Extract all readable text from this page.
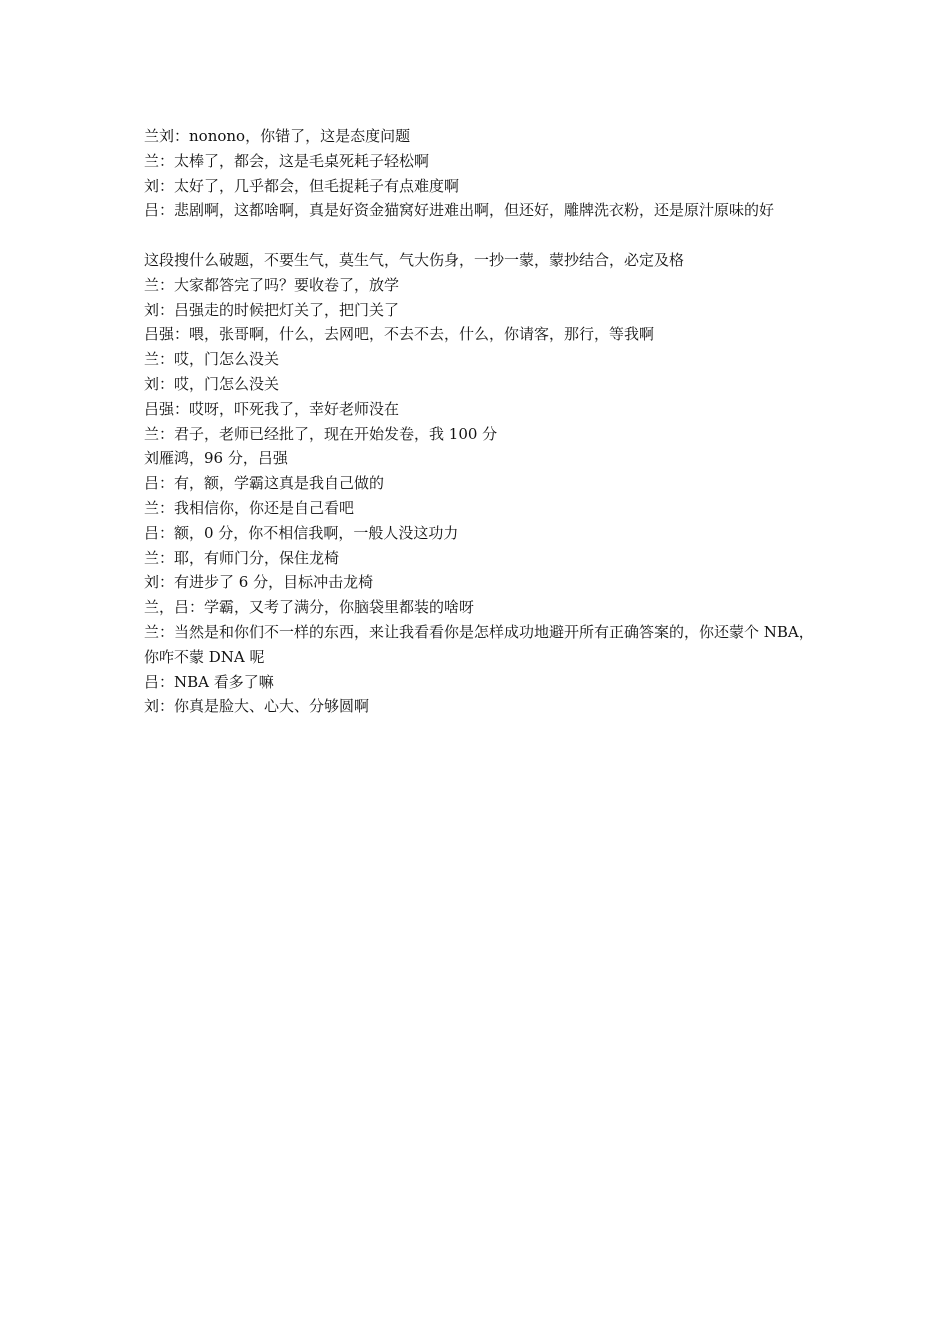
兰刘：nonono，你错了，这是态度问题

兰：太棒了，都会，这是毛桌死耗子轻松啊

刘：太好了，几乎都会，但毛捉耗子有点难度啊

吕：悲剧啊，这都啥啊，真是好资金猫窝好进难出啊，但还好，雕牌洗衣粉，还是原汁原味的好

这段搜什么破题，不要生气，莫生气，气大伤身，一抄一蒙，蒙抄结合，必定及格

兰：大家都答完了吗？要收卷了，放学

刘：吕强走的时候把灯关了，把门关了

吕强：喂，张哥啊，什么，去网吧，不去不去，什么，你请客，那行，等我啊

兰：哎，门怎么没关

刘：哎，门怎么没关

吕强：哎呀，吓死我了，幸好老师没在

兰：君子，老师已经批了，现在开始发卷，我 100 分

刘雁鸿，96 分，吕强

吕：有，额，学霸这真是我自己做的

兰：我相信你，你还是自己看吧

吕：额，0 分，你不相信我啊，一般人没这功力

兰：耶，有师门分，保住龙椅

刘：有进步了 6 分，目标冲击龙椅

兰，吕：学霸，又考了满分，你脑袋里都装的啥呀

兰：当然是和你们不一样的东西，来让我看看你是怎样成功地避开所有正确答案的，你还蒙个 NBA，你咋不蒙 DNA 呢

吕：NBA 看多了嘛

刘：你真是脸大、心大、分够圆啊
